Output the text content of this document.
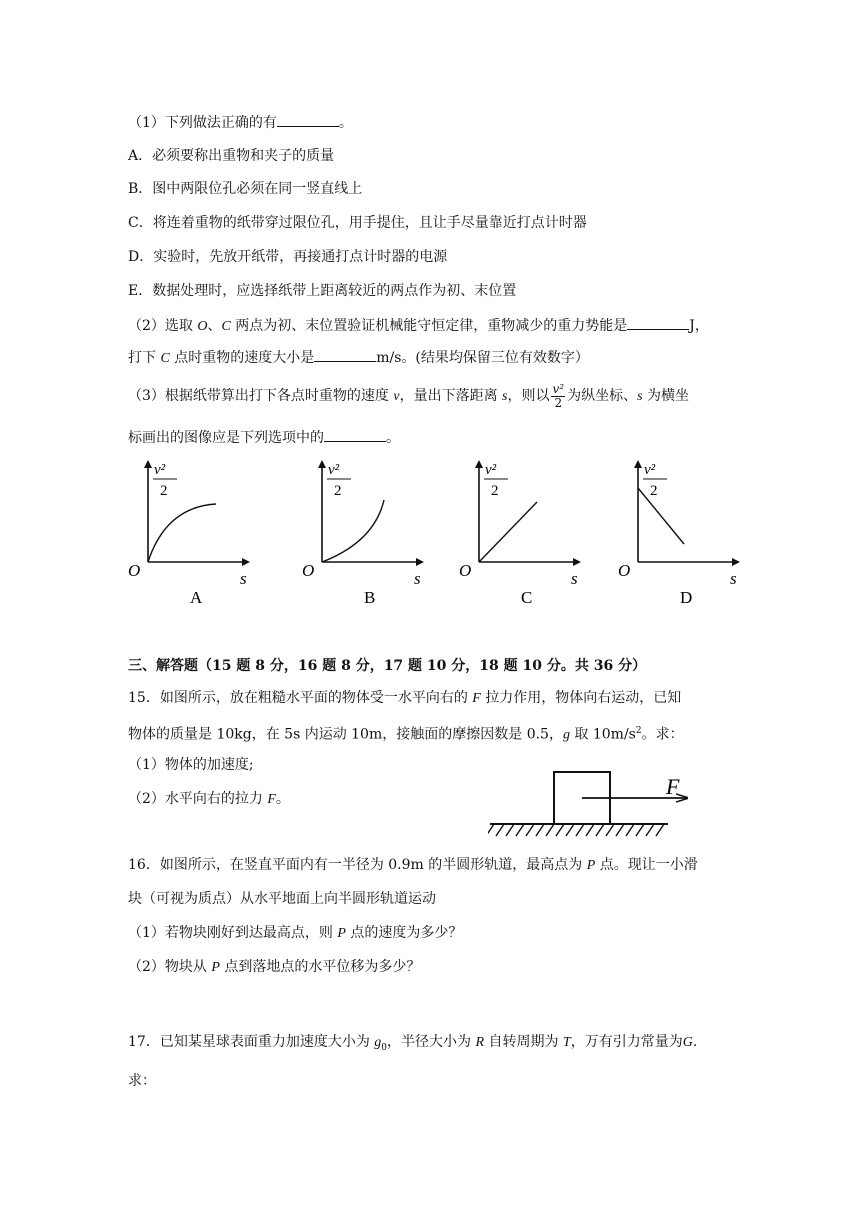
（1）下列做法正确的有	。
A．必须要称出重物和夹子的质量
B．图中两限位孔必须在同一竖直线上
C．将连着重物的纸带穿过限位孔，用手提住，且让手尽量靠近打点计时器
D．实验时，先放开纸带，再接通打点计时器的电源
E．数据处理时，应选择纸带上距离较近的两点作为初、末位置
（2）选取 O、C 两点为初、末位置验证机械能守恒定律，重物减少的重力势能是	J，
打下 C 点时重物的速度大小是	m/s。(结果均保留三位有效数字）
（3）根据纸带算出打下各点时重物的速度 v，量出下落距离 s，则以 $\frac{\text{v²}}{2}$ 为纵坐标、s 为横坐
标画出的图像应是下列选项中的	。
v²
2
O	s
A
v²
2
O	s
B
v²
2
O	s
C
v²
2
O	s
D
三、解答题（15 题 8 分，16 题 8 分，17 题 10 分，18 题 10 分。共 36 分）
15．如图所示，放在粗糙水平面的物体受一水平向右的 F 拉力作用，物体向右运动，已知
物体的质量是 10kg，在 5s 内运动 10m，接触面的摩擦因数是 0.5，g 取 $10m/s^2$。求：
（1）物体的加速度;
（2）水平向右的拉力 F。	F
16．如图所示，在竖直平面内有一半径为 0.9m 的半圆形轨道，最高点为 P 点。现让一小滑
块（可视为质点）从水平地面上向半圆形轨道运动
（1）若物块刚好到达最高点，则 P 点的速度为多少？
（2）物块从 P 点到落地点的水平位移为多少？
17．已知某星球表面重力加速度大小为 $g_0$，半径大小为 R 自转周期为 T，万有引力常量为G.
求：
